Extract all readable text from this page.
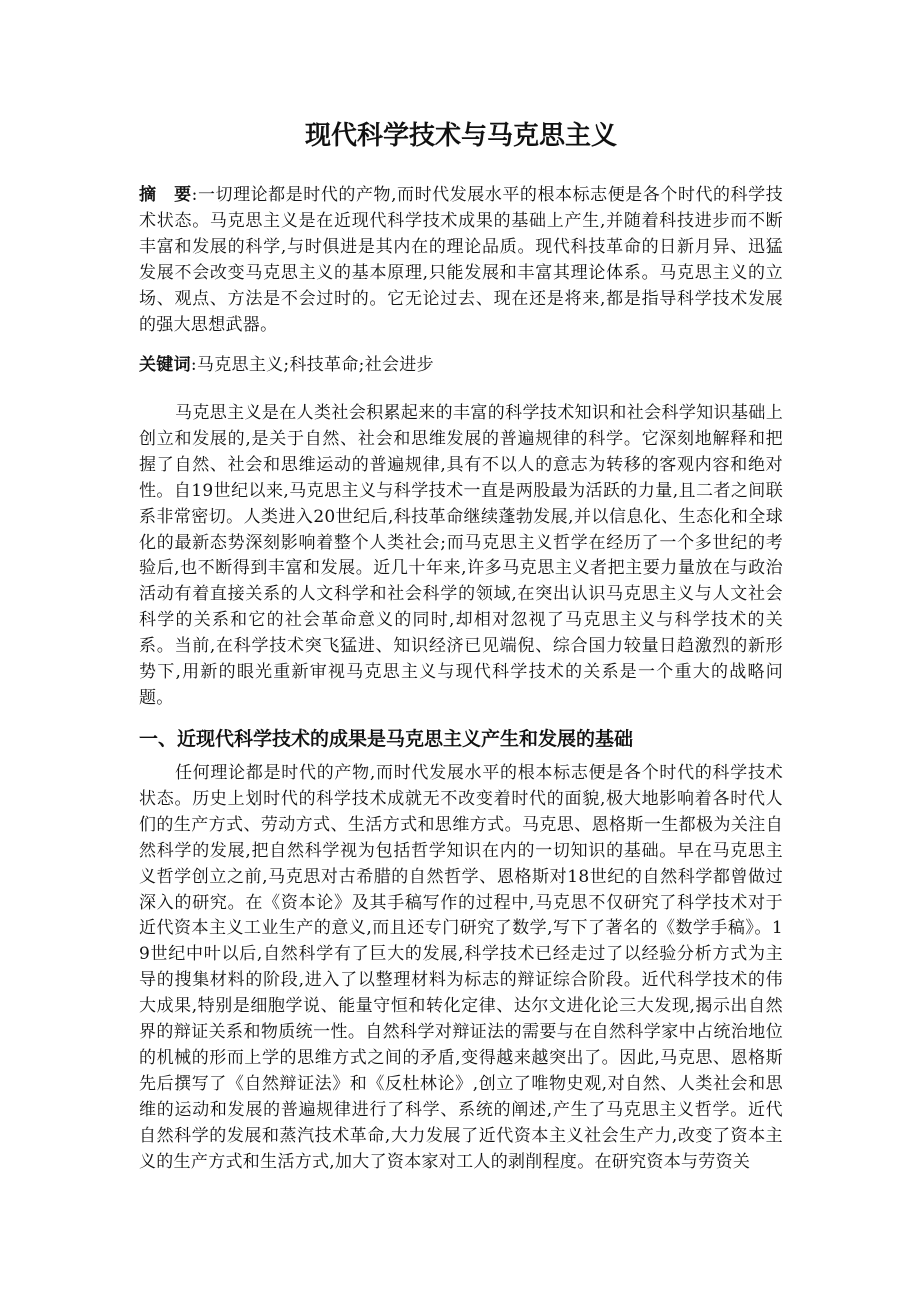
现代科学技术与马克思主义

摘　要:一切理论都是时代的产物,而时代发展水平的根本标志便是各个时代的科学技术状态。马克思主义是在近现代科学技术成果的基础上产生,并随着科技进步而不断丰富和发展的科学,与时俱进是其内在的理论品质。现代科技革命的日新月异、迅猛发展不会改变马克思主义的基本原理,只能发展和丰富其理论体系。马克思主义的立场、观点、方法是不会过时的。它无论过去、现在还是将来,都是指导科学技术发展的强大思想武器。

关键词:马克思主义;科技革命;社会进步

马克思主义是在人类社会积累起来的丰富的科学技术知识和社会科学知识基础上创立和发展的,是关于自然、社会和思维发展的普遍规律的科学。它深刻地解释和把握了自然、社会和思维运动的普遍规律,具有不以人的意志为转移的客观内容和绝对性。自19世纪以来,马克思主义与科学技术一直是两股最为活跃的力量,且二者之间联系非常密切。人类进入20世纪后,科技革命继续蓬勃发展,并以信息化、生态化和全球化的最新态势深刻影响着整个人类社会;而马克思主义哲学在经历了一个多世纪的考验后,也不断得到丰富和发展。近几十年来,许多马克思主义者把主要力量放在与政治活动有着直接关系的人文科学和社会科学的领域,在突出认识马克思主义与人文社会科学的关系和它的社会革命意义的同时,却相对忽视了马克思主义与科学技术的关系。当前,在科学技术突飞猛进、知识经济已见端倪、综合国力较量日趋激烈的新形势下,用新的眼光重新审视马克思主义与现代科学技术的关系是一个重大的战略问题。

一、近现代科学技术的成果是马克思主义产生和发展的基础

任何理论都是时代的产物,而时代发展水平的根本标志便是各个时代的科学技术状态。历史上划时代的科学技术成就无不改变着时代的面貌,极大地影响着各时代人们的生产方式、劳动方式、生活方式和思维方式。马克思、恩格斯一生都极为关注自然科学的发展,把自然科学视为包括哲学知识在内的一切知识的基础。早在马克思主义哲学创立之前,马克思对古希腊的自然哲学、恩格斯对18世纪的自然科学都曾做过深入的研究。在《资本论》及其手稿写作的过程中,马克思不仅研究了科学技术对于近代资本主义工业生产的意义,而且还专门研究了数学,写下了著名的《数学手稿》。19世纪中叶以后,自然科学有了巨大的发展,科学技术已经走过了以经验分析方式为主导的搜集材料的阶段,进入了以整理材料为标志的辩证综合阶段。近代科学技术的伟大成果,特别是细胞学说、能量守恒和转化定律、达尔文进化论三大发现,揭示出自然界的辩证关系和物质统一性。自然科学对辩证法的需要与在自然科学家中占统治地位的机械的形而上学的思维方式之间的矛盾,变得越来越突出了。因此,马克思、恩格斯先后撰写了《自然辩证法》和《反杜林论》,创立了唯物史观,对自然、人类社会和思维的运动和发展的普遍规律进行了科学、系统的阐述,产生了马克思主义哲学。近代自然科学的发展和蒸汽技术革命,大力发展了近代资本主义社会生产力,改变了资本主义的生产方式和生活方式,加大了资本家对工人的剥削程度。在研究资本与劳资关
